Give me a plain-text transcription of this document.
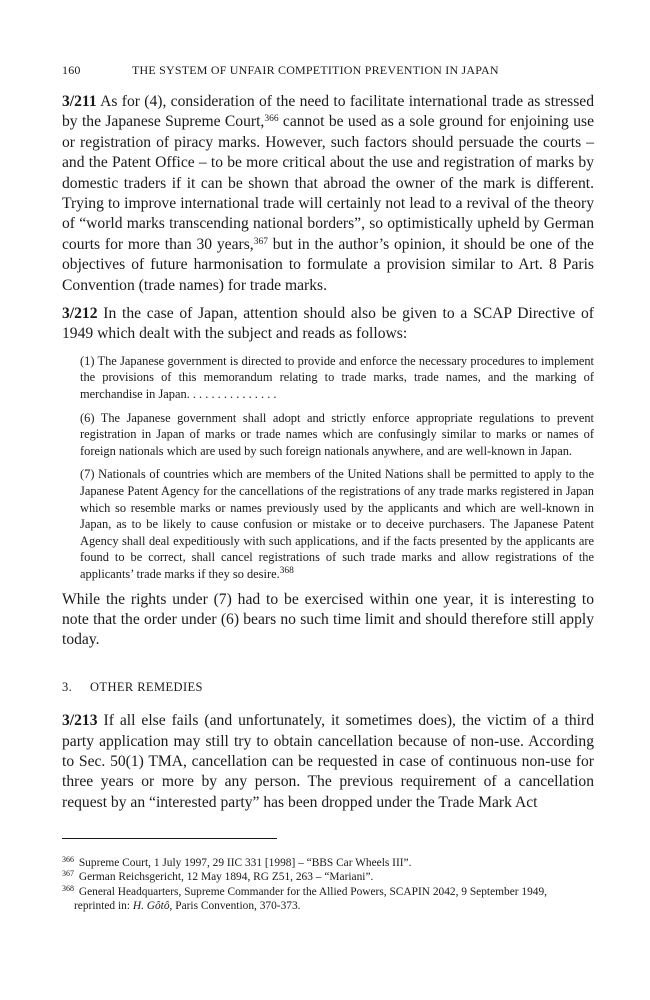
160	THE SYSTEM OF UNFAIR COMPETITION PREVENTION IN JAPAN

3/211 As for (4), consideration of the need to facilitate international trade as stressed by the Japanese Supreme Court,$^{366}$ cannot be used as a sole ground for enjoining use or registration of piracy marks. However, such factors should persuade the courts – and the Patent Office – to be more critical about the use and registration of marks by domestic traders if it can be shown that abroad the owner of the mark is different. Trying to improve international trade will certainly not lead to a revival of the theory of “world marks transcending national borders”, so optimistically upheld by German courts for more than 30 years,$^{367}$ but in the author’s opinion, it should be one of the objectives of future harmonisation to formulate a provision similar to Art. 8 Paris Convention (trade names) for trade marks.

3/212 In the case of Japan, attention should also be given to a SCAP Directive of 1949 which dealt with the subject and reads as follows:

(1) The Japanese government is directed to provide and enforce the necessary procedures to implement the provisions of this memorandum relating to trade marks, trade names, and the marking of merchandise in Japan. . . . . . . . . . . . . . .

(6) The Japanese government shall adopt and strictly enforce appropriate regulations to prevent registration in Japan of marks or trade names which are confusingly similar to marks or names of foreign nationals which are used by such foreign nationals anywhere, and are well-known in Japan.

(7) Nationals of countries which are members of the United Nations shall be permitted to apply to the Japanese Patent Agency for the cancellations of the registrations of any trade marks registered in Japan which so resemble marks or names previously used by the applicants and which are well-known in Japan, as to be likely to cause confusion or mistake or to deceive purchasers. The Japanese Patent Agency shall deal expeditiously with such applications, and if the facts presented by the applicants are found to be correct, shall cancel registrations of such trade marks and allow registrations of the applicants’ trade marks if they so desire.$^{368}$

While the rights under (7) had to be exercised within one year, it is interesting to note that the order under (6) bears no such time limit and should therefore still apply today.

3. OTHER REMEDIES

3/213 If all else fails (and unfortunately, it sometimes does), the victim of a third party application may still try to obtain cancellation because of non-use. According to Sec. 50(1) TMA, cancellation can be requested in case of continuous non-use for three years or more by any person. The previous requirement of a cancellation request by an “interested party” has been dropped under the Trade Mark Act

$^{366}$ Supreme Court, 1 July 1997, 29 IIC 331 [1998] – “BBS Car Wheels III”.

$^{367}$ German Reichsgericht, 12 May 1894, RG Z51, 263 – “Mariani”.

$^{368}$ General Headquarters, Supreme Commander for the Allied Powers, SCAPIN 2042, 9 September 1949,
reprinted in: H. Gôtô, Paris Convention, 370-373.
